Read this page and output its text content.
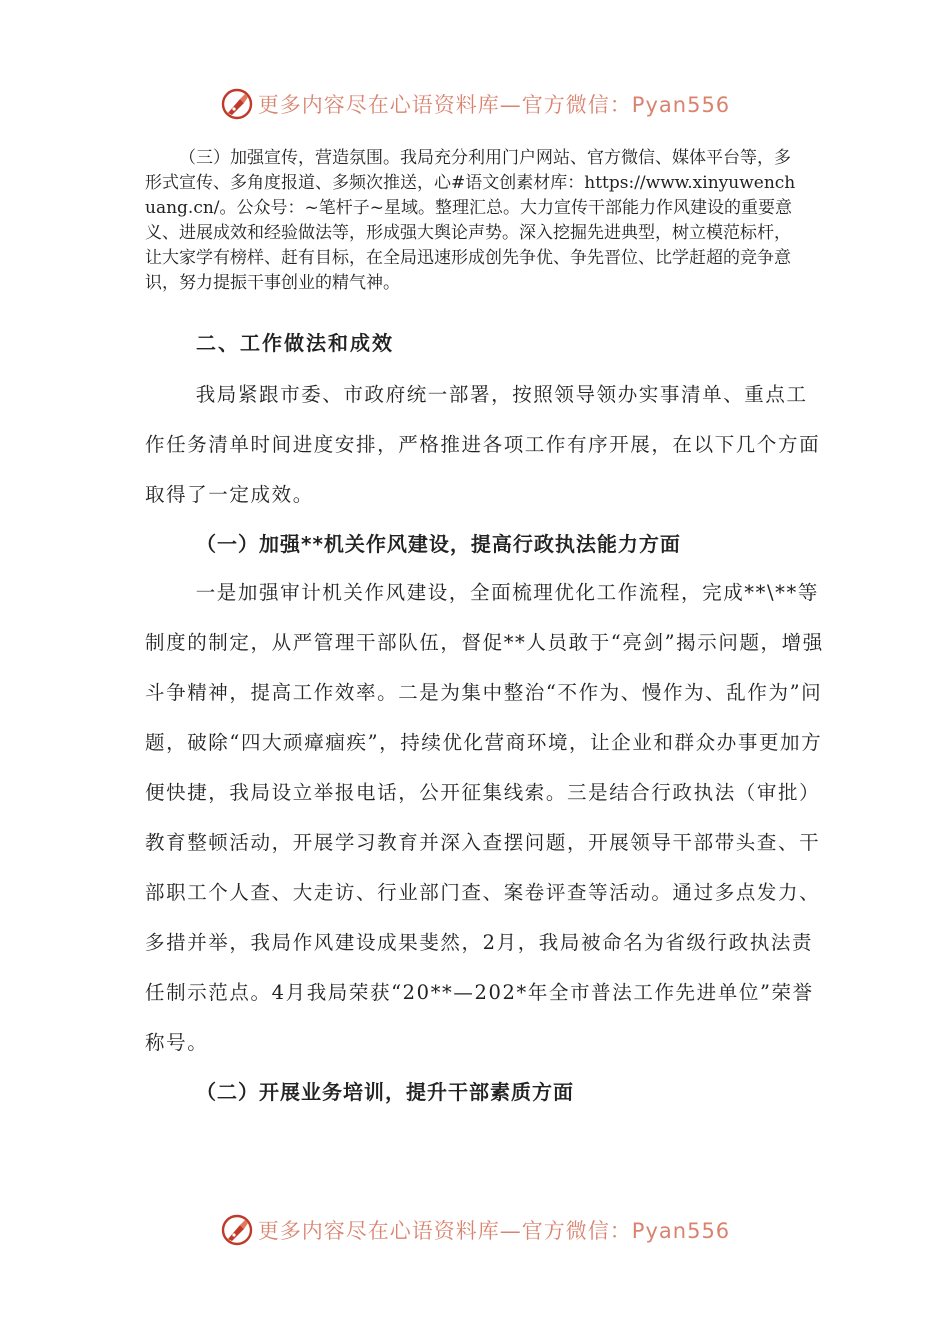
更多内容尽在心语资料库—官方微信：Pyan556

（三）加强宣传，营造氛围。我局充分利用门户网站、官方微信、媒体平台等，多形式宣传、多角度报道、多频次推送，心#语文创素材库：https://www.xinyuwenchuang.cn/。公众号：~笔杆子~星域。整理汇总。大力宣传干部能力作风建设的重要意义、进展成效和经验做法等，形成强大舆论声势。深入挖掘先进典型，树立模范标杆，让大家学有榜样、赶有目标，在全局迅速形成创先争优、争先晋位、比学赶超的竞争意识，努力提振干事创业的精气神。

二、工作做法和成效

我局紧跟市委、市政府统一部署，按照领导领办实事清单、重点工作任务清单时间进度安排，严格推进各项工作有序开展，在以下几个方面取得了一定成效。

（一）加强**机关作风建设，提高行政执法能力方面

一是加强审计机关作风建设，全面梳理优化工作流程，完成**\**等制度的制定，从严管理干部队伍，督促**人员敢于“亮剑”揭示问题，增强斗争精神，提高工作效率。二是为集中整治“不作为、慢作为、乱作为”问题，破除“四大顽瘴痼疾”，持续优化营商环境，让企业和群众办事更加方便快捷，我局设立举报电话，公开征集线索。三是结合行政执法（审批）教育整顿活动，开展学习教育并深入查摆问题，开展领导干部带头查、干部职工个人查、大走访、行业部门查、案卷评查等活动。通过多点发力、多措并举，我局作风建设成果斐然，2月，我局被命名为省级行政执法责任制示范点。4月我局荣获“20**—202*年全市普法工作先进单位”荣誉称号。

（二）开展业务培训，提升干部素质方面
更多内容尽在心语资料库—官方微信：Pyan556
